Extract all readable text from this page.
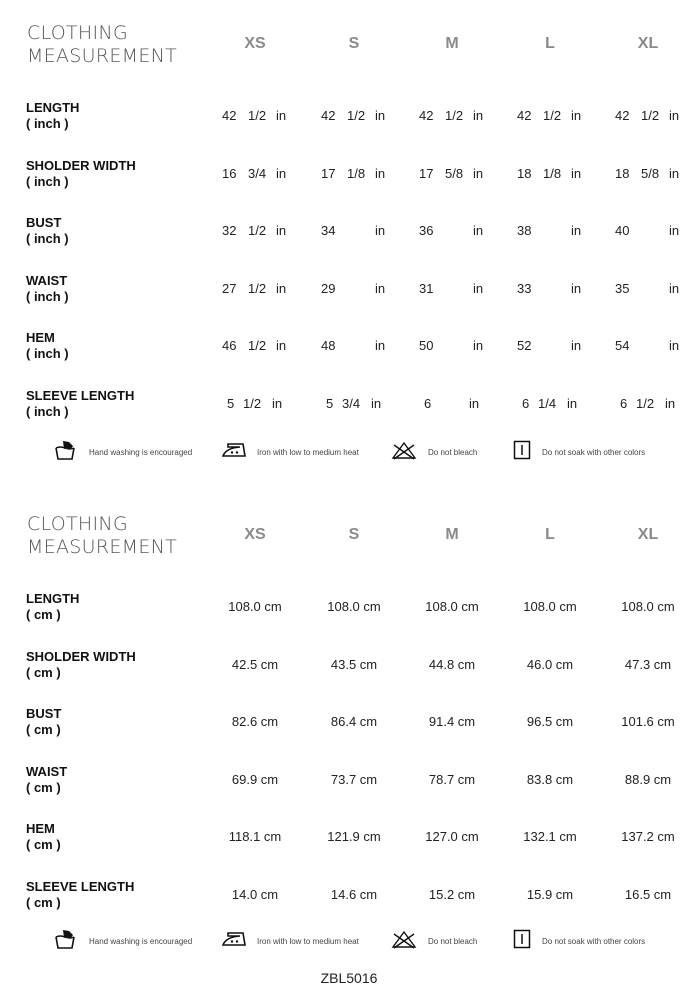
CLOTHING
MEASUREMENT
XS	S	M	L	XL
LENGTH
( inch )
42 1/2 in	42 1/2 in	42 1/2 in	42 1/2 in	42 1/2 in
SHOLDER WIDTH
( inch )
16 3/4 in	17 1/8 in	17 5/8 in	18 1/8 in	18 5/8 in
BUST
( inch )
32 1/2 in	34	in	36	in	38	in	40	in
WAIST
( inch )
27 1/2 in	29	in	31	in	33	in	35	in
HEM
( inch )
46 1/2 in	48	in	50	in	52	in	54	in
SLEEVE LENGTH
( inch )
5 1/2 in	5 3/4 in	6	in	6 1/4 in	6 1/2 in
Hand washing is encouraged	Iron with low to medium heat	Do not bleach	Do not soak with other colors
CLOTHING
MEASUREMENT
XS	S	M	L	XL
LENGTH
( cm )
108.0 cm	108.0 cm	108.0 cm	108.0 cm	108.0 cm
SHOLDER WIDTH
( cm )
42.5 cm	43.5 cm	44.8 cm	46.0 cm	47.3 cm
BUST
( cm )
82.6 cm	86.4 cm	91.4 cm	96.5 cm	101.6 cm
WAIST
( cm )
69.9 cm	73.7 cm	78.7 cm	83.8 cm	88.9 cm
HEM
( cm )
118.1 cm	121.9 cm	127.0 cm	132.1 cm	137.2 cm
SLEEVE LENGTH
( cm )
14.0 cm	14.6 cm	15.2 cm	15.9 cm	16.5 cm
Hand washing is encouraged	Iron with low to medium heat	Do not bleach	Do not soak with other colors
ZBL5016
